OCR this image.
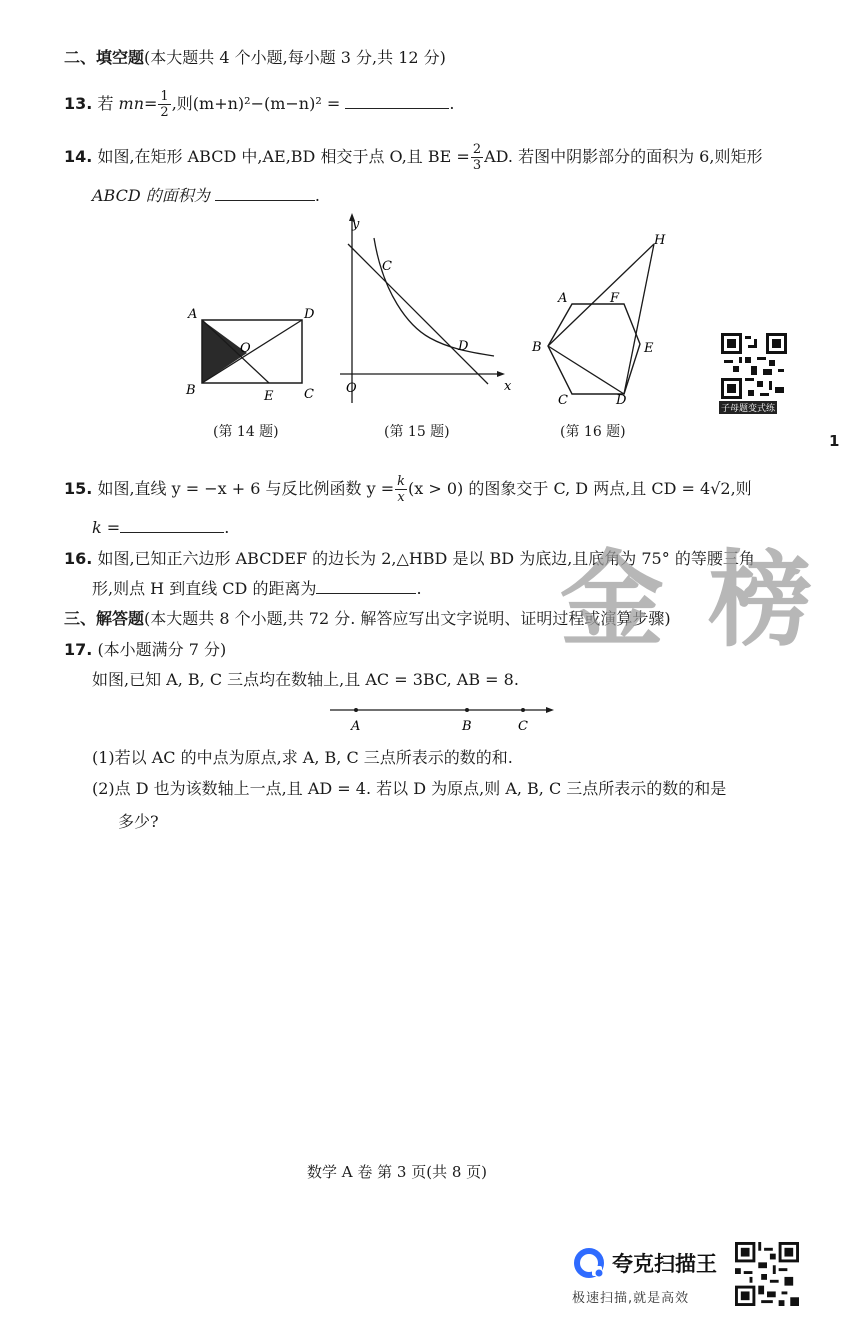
二、填空题(本大题共 4 个小题,每小题 3 分,共 12 分)
13. 若 $mn= \frac{1}{2}$ ,则(m+n)²−(m−n)² =	.
14. 如图,在矩形 ABCD 中,AE,BD 相交于点 O,且 BE = $\frac{2}{3}$ AD. 若图中阴影部分的面积为 6,则矩形
ABCD 的面积为	.
A	D
B	C
E
O
(第 14 题)
y
x
O
C
D
(第 15 题)
A	F
H
B	E
C	D
(第 16 题)
子母题变式练
1
15. 如图,直线 y = −x + 6 与反比例函数 $y = \frac{k}{x} (x > 0)$ 的图象交于 C, D 两点,且 CD = 4√2,则
k =	.
16. 如图,已知正六边形 ABCDEF 的边长为 2,△HBD 是以 BD 为底边,且底角为 75° 的等腰三角
形,则点 H 到直线 CD 的距离为	.
三、解答题(本大题共 8 个小题,共 72 分. 解答应写出文字说明、证明过程或演算步骤)
金 榜
17. (本小题满分 7 分)
如图,已知 A, B, C 三点均在数轴上,且 AC = 3BC, AB = 8.
A	B	C
(1)若以 AC 的中点为原点,求 A, B, C 三点所表示的数的和.
(2)点 D 也为该数轴上一点,且 AD = 4. 若以 D 为原点,则 A, B, C 三点所表示的数的和是
多少?
数学 A 卷 第 3 页(共 8 页)
夸克扫描王
极速扫描,就是高效
